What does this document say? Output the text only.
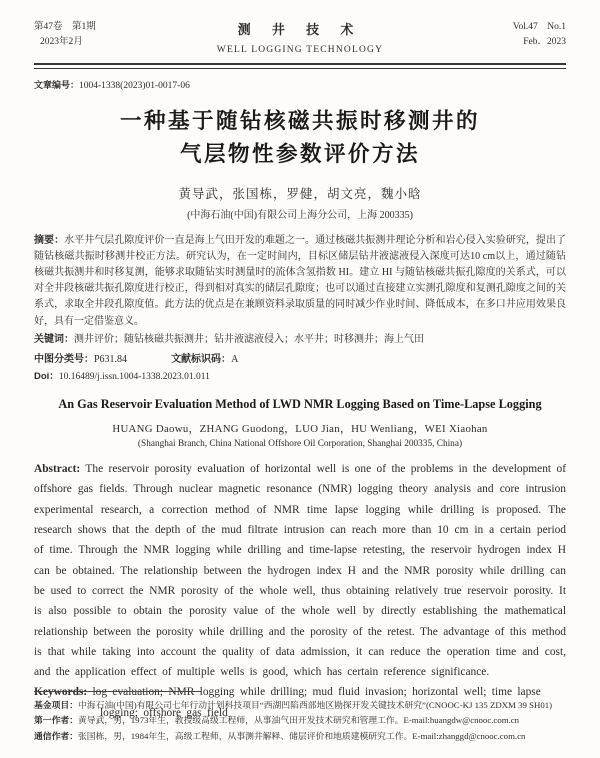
第47卷　第1期
2023年2月
测 井 技 术
WELL LOGGING TECHNOLOGY
Vol.47　No.1
Feb．2023
文章编号：1004-1338(2023)01-0017-06
一种基于随钻核磁共振时移测井的
气层物性参数评价方法
黄导武，张国栋，罗健，胡文亮，魏小晗
(中海石油(中国)有限公司上海分公司，上海 200335)
摘要：水平井气层孔隙度评价一直是海上气田开发的难题之一。通过核磁共振测井理论分析和岩心侵入实验研究，提出了随钻核磁共振时移测井校正方法。研究认为，在一定时间内，目标区储层钻井液滤液侵入深度可达10 cm以上，通过随钻核磁共振测井和时移复测，能够求取随钻实时测量时的流体含氢指数 HI。建立 HI 与随钻核磁共振孔隙度的关系式，可以对全井段核磁共振孔隙度进行校正，得到相对真实的储层孔隙度；也可以通过直接建立实测孔隙度和复测孔隙度之间的关系式，求取全井段孔隙度值。此方法的优点是在兼顾资料录取质量的同时减少作业时间、降低成本，在多口井应用效果良好，具有一定借鉴意义。
关键词：测井评价；随钻核磁共振测井；钻井液滤液侵入；水平井；时移测井；海上气田
中图分类号：P631.84	文献标识码：A
Doi：10.16489/j.issn.1004-1338.2023.01.011
An Gas Reservoir Evaluation Method of LWD NMR Logging Based on Time-Lapse Logging
HUANG Daowu，ZHANG Guodong，LUO Jian，HU Wenliang，WEI Xiaohan
(Shanghai Branch, China National Offshore Oil Corporation, Shanghai 200335, China)
Abstract: The reservoir porosity evaluation of horizontal well is one of the problems in the development of offshore gas fields. Through nuclear magnetic resonance (NMR) logging theory analysis and core intrusion experimental research, a correction method of NMR time lapse logging while drilling is proposed. The research shows that the depth of the mud filtrate intrusion can reach more than 10 cm in a certain period of time. Through the NMR logging while drilling and time-lapse retesting, the reservoir hydrogen index H can be obtained. The relationship between the hydrogen index H and the NMR porosity while drilling can be used to correct the NMR porosity of the whole well, thus obtaining relatively true reservoir porosity. It is also possible to obtain the porosity value of the whole well by directly establishing the mathematical relationship between the porosity while drilling and the porosity of the retest. The advantage of this method is that while taking into account the quality of data admission, it can reduce the operation time and cost, and the application effect of multiple wells is good, which has certain reference significance.
Keywords: log evaluation; NMR logging while drilling; mud fluid invasion; horizontal well; time lapse logging; offshore gas field
基金项目：中海石油(中国)有限公司七年行动计划科技项目“西湖凹陷西部地区勘探开发关键技术研究”(CNOOC-KJ 135 ZDXM 39 SH01)
第一作者：黄导武，男，1973年生，教授级高级工程师，从事油气田开发技术研究和管理工作。E-mail:huangdw@cnooc.com.cn
通信作者：张国栋，男，1984年生，高级工程师，从事测井解释、储层评价和地质建模研究工作。E-mail:zhanggd@cnooc.com.cn
